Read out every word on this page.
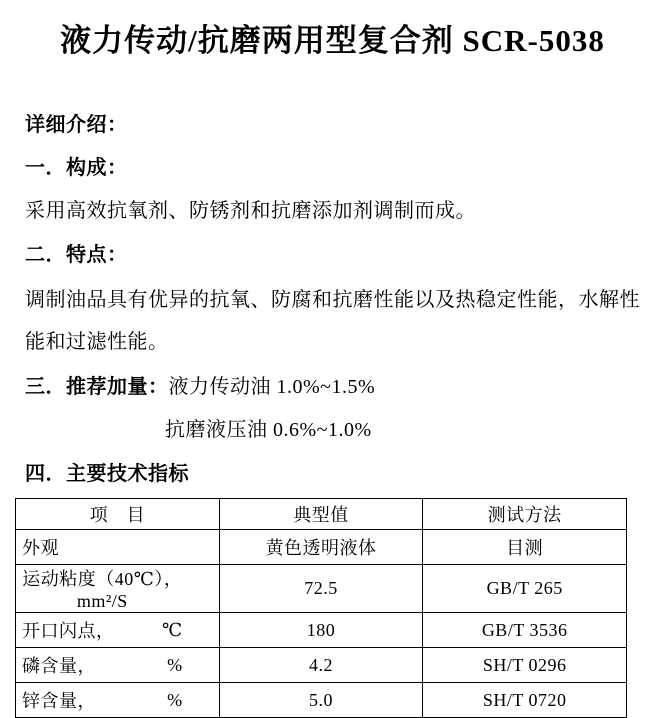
液力传动/抗磨两用型复合剂 SCR-5038

详细介绍：

一．构成：

采用高效抗氧剂、防锈剂和抗磨添加剂调制而成。

二．特点：

调制油品具有优异的抗氧、防腐和抗磨性能以及热稳定性能，水解性能和过滤性能。

三．推荐加量：液力传动油 1.0%~1.5%

抗磨液压油 0.6%~1.0%

四．主要技术指标
项　目	典型值	测试方法

外观	黄色透明液体	目测

运动粘度（40℃），mm²/S	72.5	GB/T 265

开口闪点， ℃	180	GB/T 3536

磷含量， %	4.2	SH/T 0296

锌含量， %	5.0	SH/T 0720
